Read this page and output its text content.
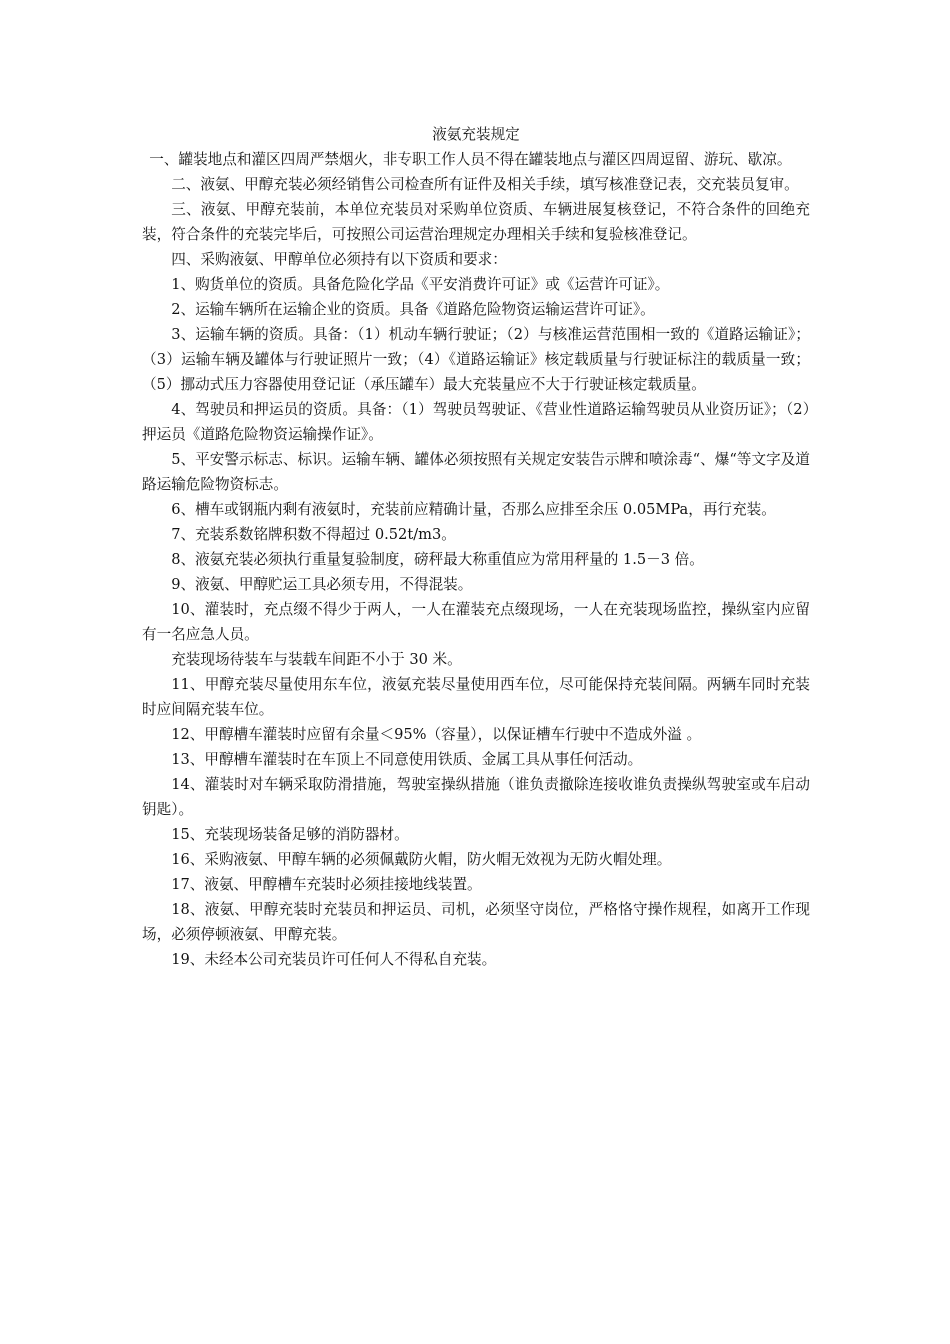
液氨充装规定

一、罐装地点和灌区四周严禁烟火，非专职工作人员不得在罐装地点与灌区四周逗留、游玩、歇凉。

二、液氨、甲醇充装必须经销售公司检查所有证件及相关手续，填写核准登记表，交充装员复审。

三、液氨、甲醇充装前，本单位充装员对采购单位资质、车辆进展复核登记，不符合条件的回绝充装，符合条件的充装完毕后，可按照公司运营治理规定办理相关手续和复验核准登记。

四、采购液氨、甲醇单位必须持有以下资质和要求：

1、购货单位的资质。具备危险化学品《平安消费许可证》或《运营许可证》。

2、运输车辆所在运输企业的资质。具备《道路危险物资运输运营许可证》。

3、运输车辆的资质。具备：（1）机动车辆行驶证；（2）与核准运营范围相一致的《道路运输证》；（3）运输车辆及罐体与行驶证照片一致；（4）《道路运输证》核定载质量与行驶证标注的载质量一致；（5）挪动式压力容器使用登记证（承压罐车）最大充装量应不大于行驶证核定载质量。

4、驾驶员和押运员的资质。具备：（1）驾驶员驾驶证、《营业性道路运输驾驶员从业资历证》；（2）押运员《道路危险物资运输操作证》。

5、平安警示标志、标识。运输车辆、罐体必须按照有关规定安装告示牌和喷涂毒“、爆“等文字及道路运输危险物资标志。

6、槽车或钢瓶内剩有液氨时，充装前应精确计量，否那么应排至余压 0.05MPa，再行充装。

7、充装系数铭牌积数不得超过 0.52t/m3。

8、液氨充装必须执行重量复验制度，磅秤最大称重值应为常用秤量的 1.5－3 倍。

9、液氨、甲醇贮运工具必须专用，不得混装。

10、灌装时，充点缀不得少于两人，一人在灌装充点缀现场，一人在充装现场监控，操纵室内应留有一名应急人员。

充装现场待装车与装载车间距不小于 30 米。

11、甲醇充装尽量使用东车位，液氨充装尽量使用西车位，尽可能保持充装间隔。两辆车同时充装时应间隔充装车位。

12、甲醇槽车灌装时应留有余量＜95%（容量），以保证槽车行驶中不造成外溢 。

13、甲醇槽车灌装时在车顶上不同意使用铁质、金属工具从事任何活动。

14、灌装时对车辆采取防滑措施，驾驶室操纵措施（谁负责撤除连接收谁负责操纵驾驶室或车启动钥匙）。

15、充装现场装备足够的消防器材。

16、采购液氨、甲醇车辆的必须佩戴防火帽，防火帽无效视为无防火帽处理。

17、液氨、甲醇槽车充装时必须挂接地线装置。

18、液氨、甲醇充装时充装员和押运员、司机，必须坚守岗位，严格恪守操作规程，如离开工作现场，必须停顿液氨、甲醇充装。

19、未经本公司充装员许可任何人不得私自充装。
